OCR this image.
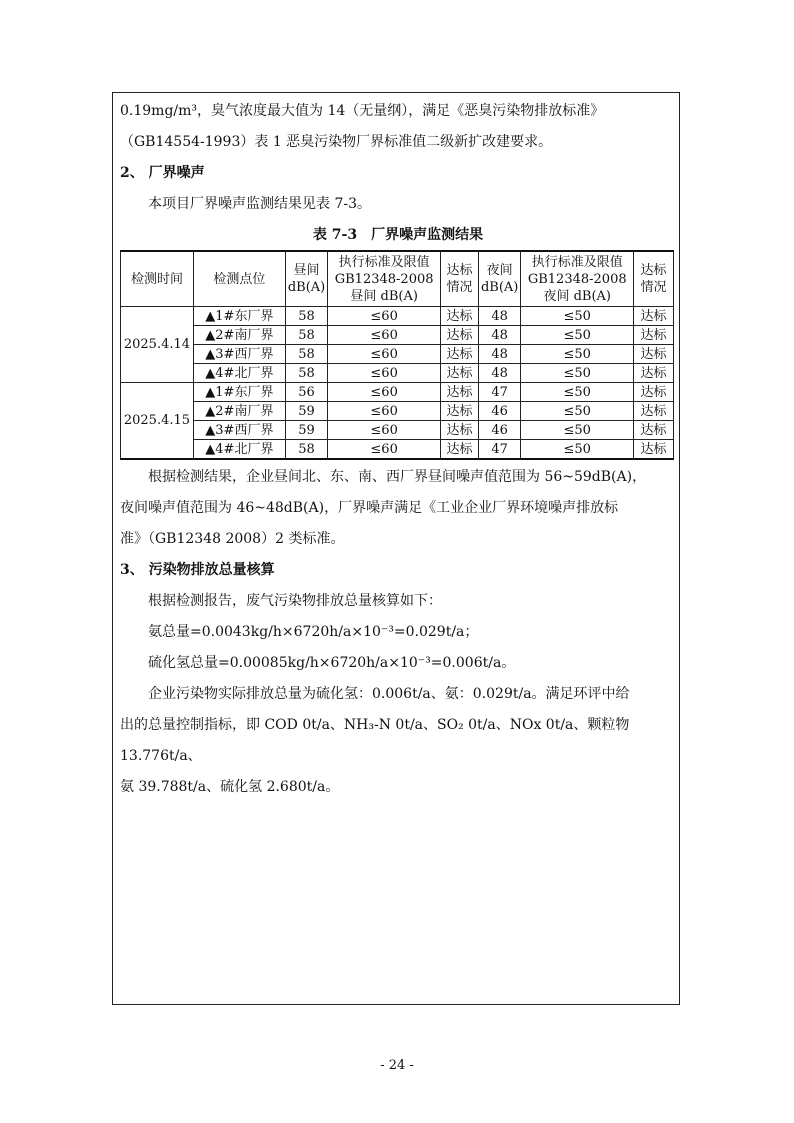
0.19mg/m³，臭气浓度最大值为 14（无量纲），满足《恶臭污染物排放标准》

（GB14554-1993）表 1 恶臭污染物厂界标准值二级新扩改建要求。

2、 厂界噪声

本项目厂界噪声监测结果见表 7-3。

表 7-3　厂界噪声监测结果

检测时间	检测点位	昼间dB(A)	执行标准及限值GB12348-2008昼间 dB(A)	达标情况	夜间dB(A)	执行标准及限值GB12348-2008夜间 dB(A)	达标情况
2025.4.14	▲1#东厂界	58	≤60	达标	48	≤50	达标
	▲2#南厂界	58	≤60	达标	48	≤50	达标
	▲3#西厂界	58	≤60	达标	48	≤50	达标
	▲4#北厂界	58	≤60	达标	48	≤50	达标
2025.4.15	▲1#东厂界	56	≤60	达标	47	≤50	达标
	▲2#南厂界	59	≤60	达标	46	≤50	达标
	▲3#西厂界	59	≤60	达标	46	≤50	达标
	▲4#北厂界	58	≤60	达标	47	≤50	达标

根据检测结果，企业昼间北、东、南、西厂界昼间噪声值范围为 56~59dB(A)，

夜间噪声值范围为 46~48dB(A)，厂界噪声满足《工业企业厂界环境噪声排放标

准》（GB12348 2008）2 类标准。

3、 污染物排放总量核算

根据检测报告，废气污染物排放总量核算如下：

氨总量=0.0043kg/h×6720h/a×10⁻³=0.029t/a；

硫化氢总量=0.00085kg/h×6720h/a×10⁻³=0.006t/a。

企业污染物实际排放总量为硫化氢：0.006t/a、氨：0.029t/a。满足环评中给

出的总量控制指标，即 COD 0t/a、NH₃-N 0t/a、SO₂ 0t/a、NOx 0t/a、颗粒物 13.776t/a、

氨 39.788t/a、硫化氢 2.680t/a。

- 24 -
